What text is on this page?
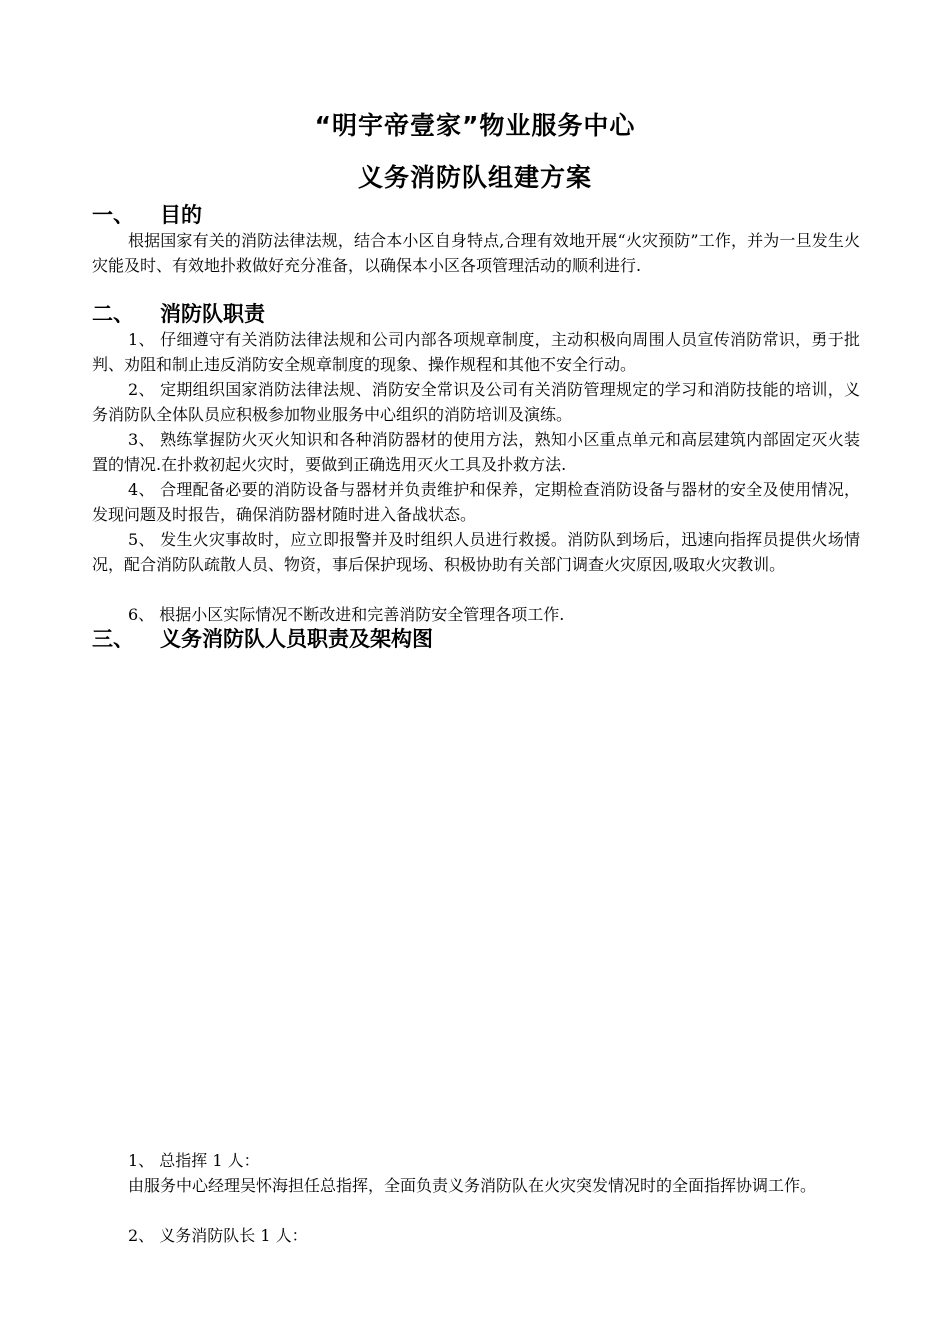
“明宇帝壹家”物业服务中心
义务消防队组建方案
一、 目的

根据国家有关的消防法律法规，结合本小区自身特点,合理有效地开展“火灾预防”工作，并为一旦发生火灾能及时、有效地扑救做好充分准备，以确保本小区各项管理活动的顺利进行.

二、 消防队职责

1、 仔细遵守有关消防法律法规和公司内部各项规章制度，主动积极向周围人员宣传消防常识，勇于批判、劝阻和制止违反消防安全规章制度的现象、操作规程和其他不安全行动。

2、 定期组织国家消防法律法规、消防安全常识及公司有关消防管理规定的学习和消防技能的培训，义务消防队全体队员应积极参加物业服务中心组织的消防培训及演练。

3、 熟练掌握防火灭火知识和各种消防器材的使用方法，熟知小区重点单元和高层建筑内部固定灭火装置的情况.在扑救初起火灾时，要做到正确选用灭火工具及扑救方法.

4、 合理配备必要的消防设备与器材并负责维护和保养，定期检查消防设备与器材的安全及使用情况，发现问题及时报告，确保消防器材随时进入备战状态。

5、 发生火灾事故时，应立即报警并及时组织人员进行救援。消防队到场后，迅速向指挥员提供火场情况，配合消防队疏散人员、物资，事后保护现场、积极协助有关部门调查火灾原因,吸取火灾教训。

6、 根据小区实际情况不断改进和完善消防安全管理各项工作.

三、 义务消防队人员职责及架构图

1、 总指挥 1 人：

由服务中心经理吴怀海担任总指挥，全面负责义务消防队在火灾突发情况时的全面指挥协调工作。

2、 义务消防队长 1 人：
